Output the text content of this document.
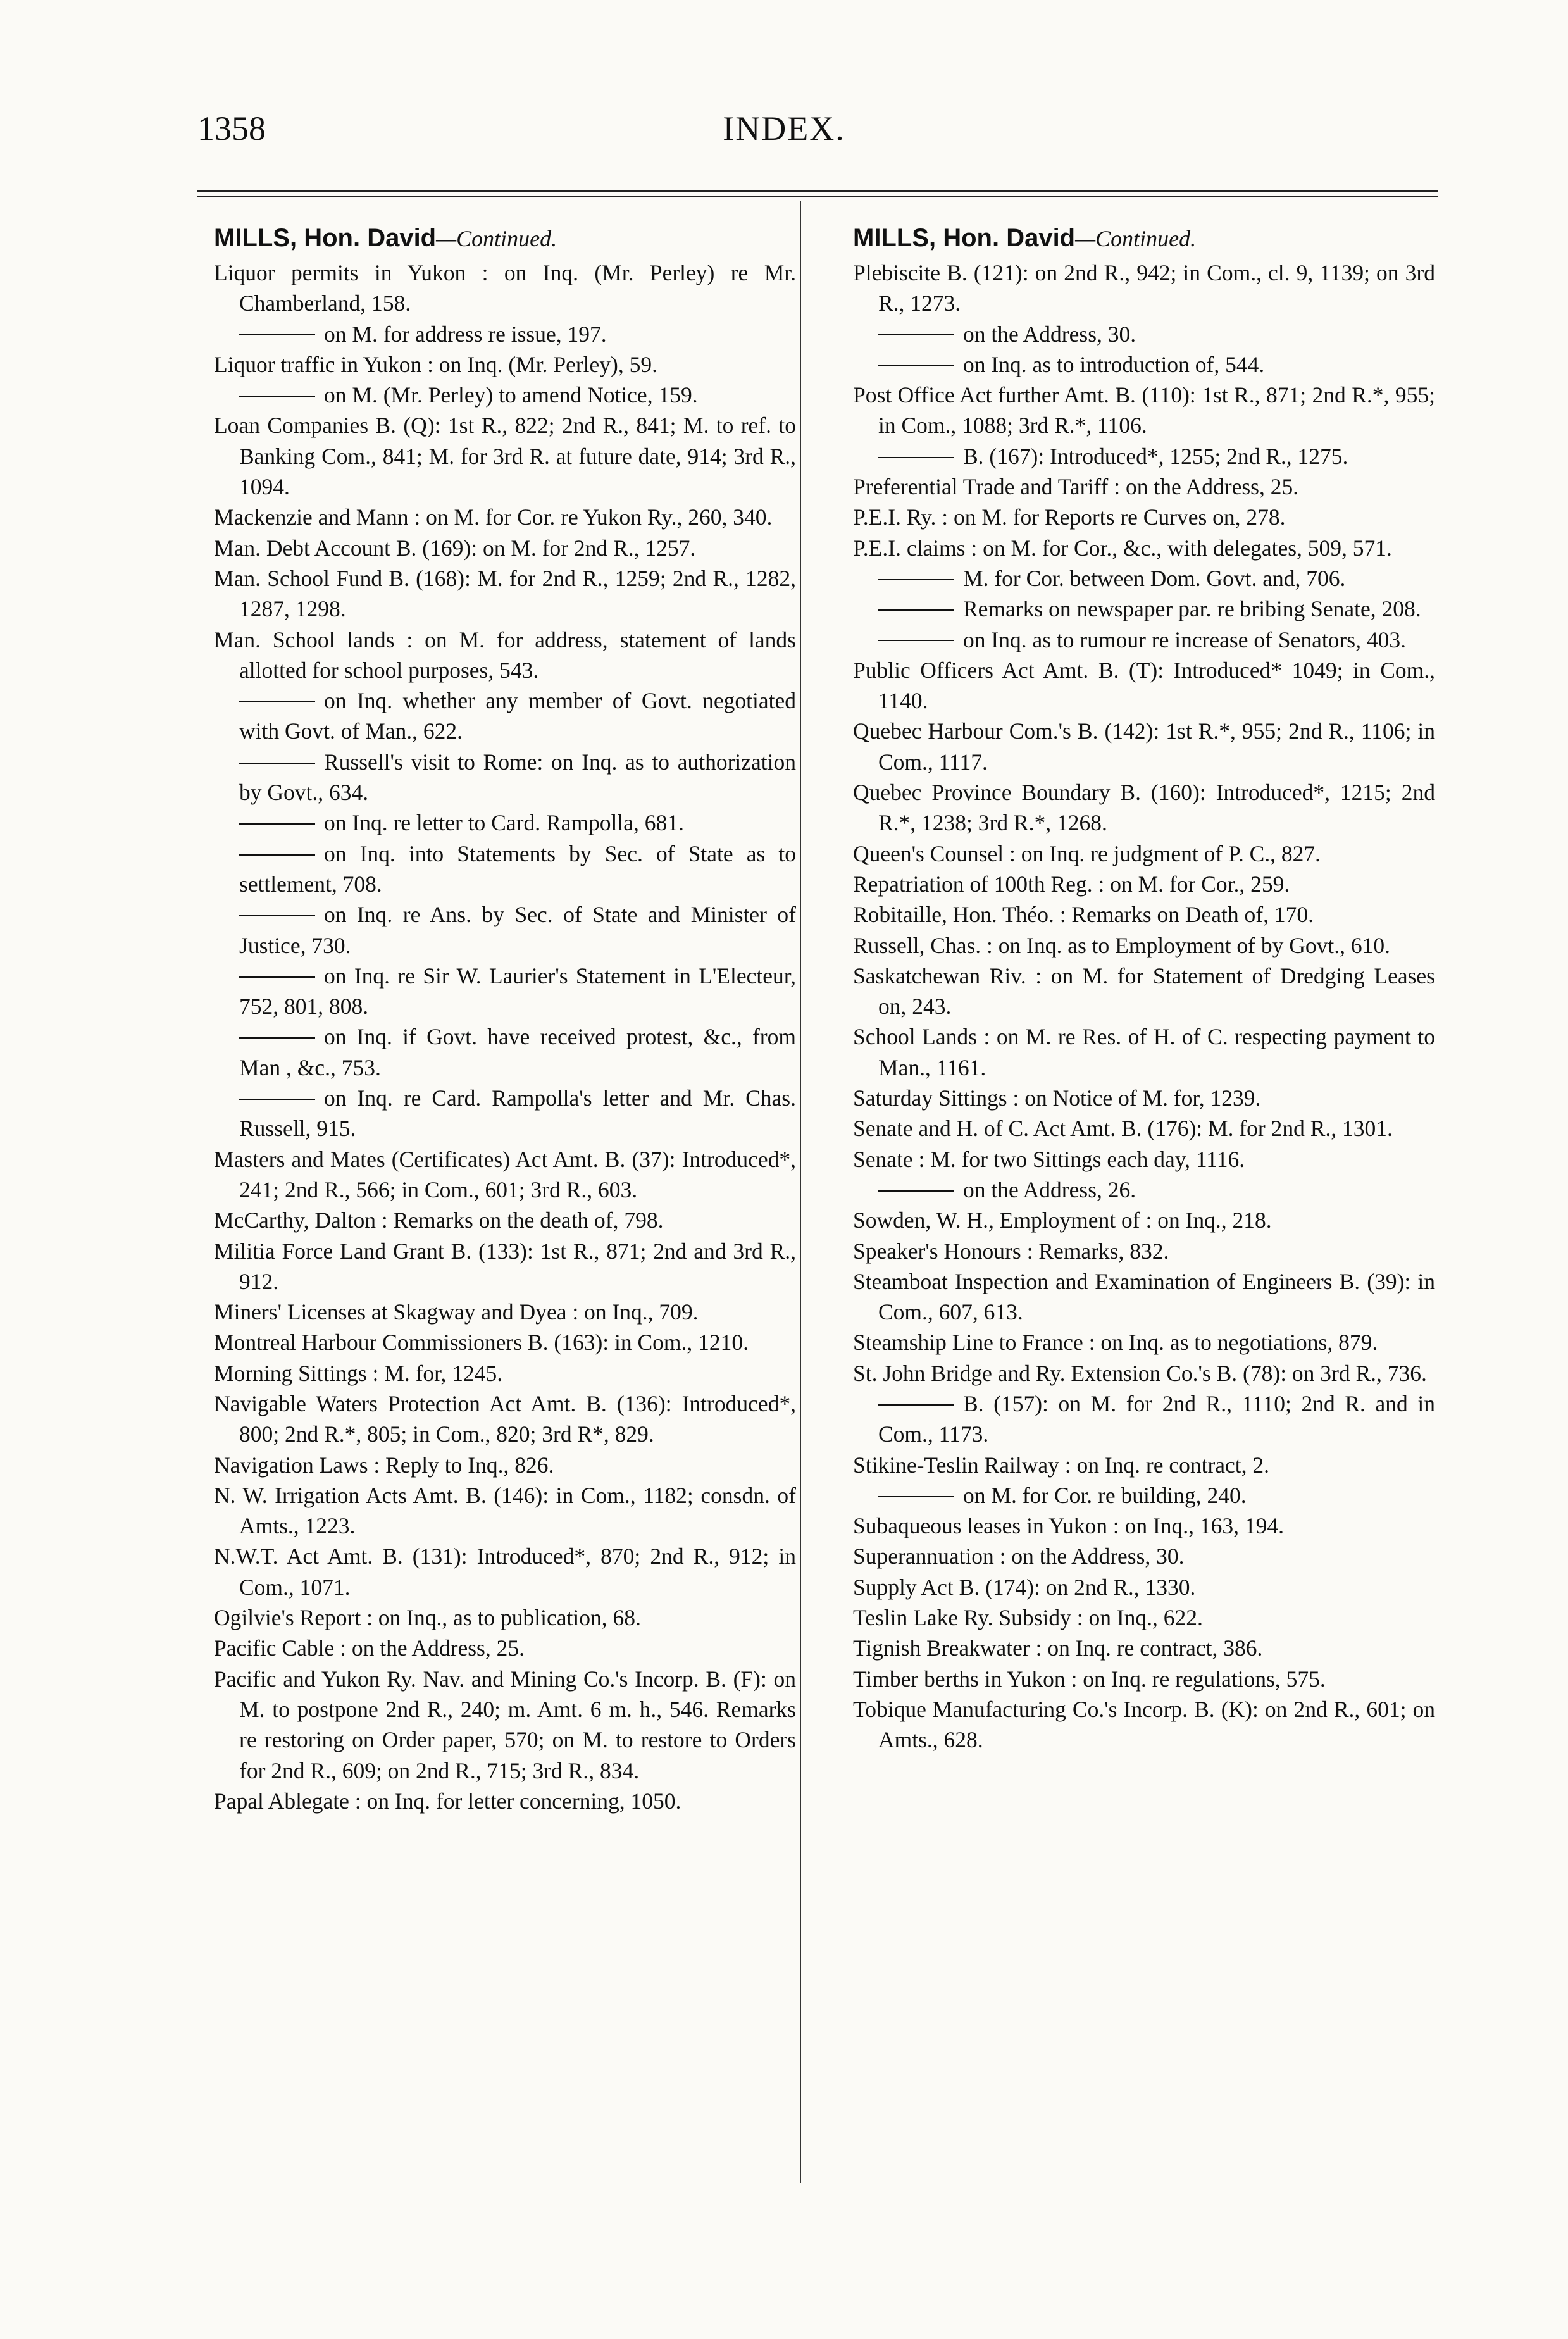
1358	INDEX.
MILLS, Hon. David—Continued.

Liquor permits in Yukon : on Inq. (Mr. Perley) re Mr. Chamberland, 158.

on M. for address re issue, 197.

Liquor traffic in Yukon : on Inq. (Mr. Perley), 59.

on M. (Mr. Perley) to amend Notice, 159.

Loan Companies B. (Q): 1st R., 822; 2nd R., 841; M. to ref. to Banking Com., 841; M. for 3rd R. at future date, 914; 3rd R., 1094.

Mackenzie and Mann : on M. for Cor. re Yukon Ry., 260, 340.

Man. Debt Account B. (169): on M. for 2nd R., 1257.

Man. School Fund B. (168): M. for 2nd R., 1259; 2nd R., 1282, 1287, 1298.

Man. School lands : on M. for address, statement of lands allotted for school purposes, 543.

on Inq. whether any member of Govt. negotiated with Govt. of Man., 622.

Russell's visit to Rome: on Inq. as to authorization by Govt., 634.

on Inq. re letter to Card. Rampolla, 681.

on Inq. into Statements by Sec. of State as to settlement, 708.

on Inq. re Ans. by Sec. of State and Minister of Justice, 730.

on Inq. re Sir W. Laurier's Statement in L'Electeur, 752, 801, 808.

on Inq. if Govt. have received protest, &c., from Man , &c., 753.

on Inq. re Card. Rampolla's letter and Mr. Chas. Russell, 915.

Masters and Mates (Certificates) Act Amt. B. (37): Introduced*, 241; 2nd R., 566; in Com., 601; 3rd R., 603.

McCarthy, Dalton : Remarks on the death of, 798.

Militia Force Land Grant B. (133): 1st R., 871; 2nd and 3rd R., 912.

Miners' Licenses at Skagway and Dyea : on Inq., 709.

Montreal Harbour Commissioners B. (163): in Com., 1210.

Morning Sittings : M. for, 1245.

Navigable Waters Protection Act Amt. B. (136): Introduced*, 800; 2nd R.*, 805; in Com., 820; 3rd R*, 829.

Navigation Laws : Reply to Inq., 826.

N. W. Irrigation Acts Amt. B. (146): in Com., 1182; consdn. of Amts., 1223.

N.W.T. Act Amt. B. (131): Introduced*, 870; 2nd R., 912; in Com., 1071.

Ogilvie's Report : on Inq., as to publication, 68.

Pacific Cable : on the Address, 25.

Pacific and Yukon Ry. Nav. and Mining Co.'s Incorp. B. (F): on M. to postpone 2nd R., 240; m. Amt. 6 m. h., 546. Remarks re restoring on Order paper, 570; on M. to restore to Orders for 2nd R., 609; on 2nd R., 715; 3rd R., 834.

Papal Ablegate : on Inq. for letter concerning, 1050.

MILLS, Hon. David—Continued.

Plebiscite B. (121): on 2nd R., 942; in Com., cl. 9, 1139; on 3rd R., 1273.

on the Address, 30.

on Inq. as to introduction of, 544.

Post Office Act further Amt. B. (110): 1st R., 871; 2nd R.*, 955; in Com., 1088; 3rd R.*, 1106.

B. (167): Introduced*, 1255; 2nd R., 1275.

Preferential Trade and Tariff : on the Address, 25.

P.E.I. Ry. : on M. for Reports re Curves on, 278.

P.E.I. claims : on M. for Cor., &c., with delegates, 509, 571.

M. for Cor. between Dom. Govt. and, 706.

Remarks on newspaper par. re bribing Senate, 208.

on Inq. as to rumour re increase of Senators, 403.

Public Officers Act Amt. B. (T): Introduced* 1049; in Com., 1140.

Quebec Harbour Com.'s B. (142): 1st R.*, 955; 2nd R., 1106; in Com., 1117.

Quebec Province Boundary B. (160): Introduced*, 1215; 2nd R.*, 1238; 3rd R.*, 1268.

Queen's Counsel : on Inq. re judgment of P. C., 827.

Repatriation of 100th Reg. : on M. for Cor., 259.

Robitaille, Hon. Théo. : Remarks on Death of, 170.

Russell, Chas. : on Inq. as to Employment of by Govt., 610.

Saskatchewan Riv. : on M. for Statement of Dredging Leases on, 243.

School Lands : on M. re Res. of H. of C. respecting payment to Man., 1161.

Saturday Sittings : on Notice of M. for, 1239.

Senate and H. of C. Act Amt. B. (176): M. for 2nd R., 1301.

Senate : M. for two Sittings each day, 1116.

on the Address, 26.

Sowden, W. H., Employment of : on Inq., 218.

Speaker's Honours : Remarks, 832.

Steamboat Inspection and Examination of Engineers B. (39): in Com., 607, 613.

Steamship Line to France : on Inq. as to negotiations, 879.

St. John Bridge and Ry. Extension Co.'s B. (78): on 3rd R., 736.

B. (157): on M. for 2nd R., 1110; 2nd R. and in Com., 1173.

Stikine-Teslin Railway : on Inq. re contract, 2.

on M. for Cor. re building, 240.

Subaqueous leases in Yukon : on Inq., 163, 194.

Superannuation : on the Address, 30.

Supply Act B. (174): on 2nd R., 1330.

Teslin Lake Ry. Subsidy : on Inq., 622.

Tignish Breakwater : on Inq. re contract, 386.

Timber berths in Yukon : on Inq. re regulations, 575.

Tobique Manufacturing Co.'s Incorp. B. (K): on 2nd R., 601; on Amts., 628.
